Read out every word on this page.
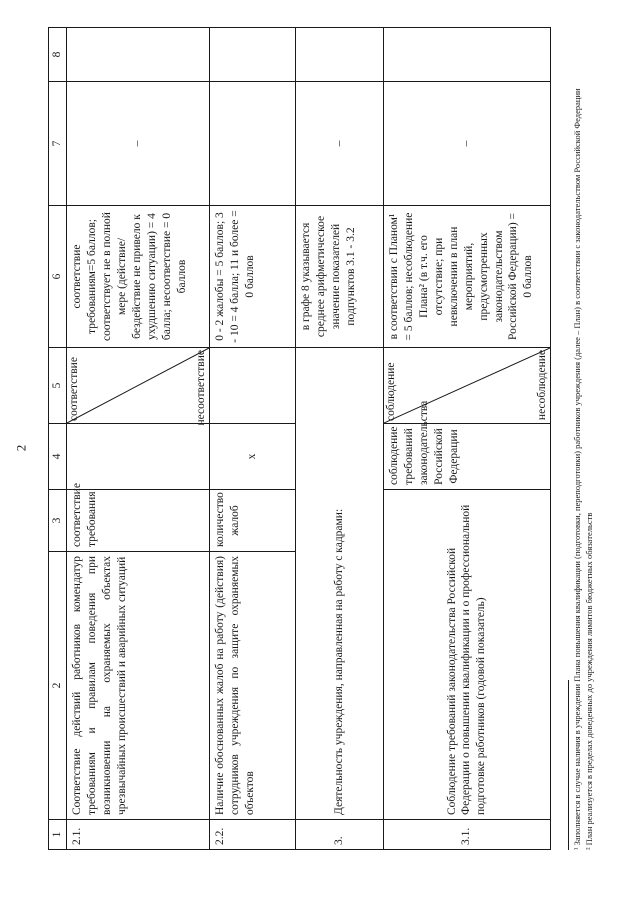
2
1	2	3	4	5	6	7	8
2.1.	Соответствие действий работников комендатур требованиям и правилам поведения при возникновении на охраняемых объектах чрезвычайных происшествий и аварийных ситуаций	соответствие требования		соответствие несоответствие	соответствие требованиям=5 баллов; соответствует не в полной мере (действие/ бездействие не привело к ухудшению ситуации) = 4 балла; несоответствие = 0 баллов	–	
2.2.	Наличие обоснованных жалоб на работу (действия) сотрудников учреждения по защите охраняемых объектов	количество жалоб	x		0 - 2 жалобы = 5 баллов; 3 - 10 = 4 балла; 11 и более = 0 баллов		
3.	Деятельность учреждения, направленная на работу с кадрами:				в графе 8 указывается среднее арифметическое значение показателей подпунктов 3.1 - 3.2	–	
3.1.	Соблюдение требований законодательства Российской Федерации о повышении квалификации и о профессиональной подготовке работников (годовой показатель)		соблюдение требований законодательства Российской Федерации	соблюдение несоблюдение	в соответствии с Планом¹ = 5 баллов; несоблюдение Плана² (в т.ч. его отсутствие; при невключении в план мероприятий, предусмотренных законодательством Российской Федерации) = 0 баллов	–		¹ Заполняется в случае наличия в учреждении Плана повышения квалификации (подготовки, переподготовки) работников учреждения (далее – План) в соответствии с законодательством Российской Федерации ² План реализуется в пределах доведенных до учреждения лимитов бюджетных обязательств
